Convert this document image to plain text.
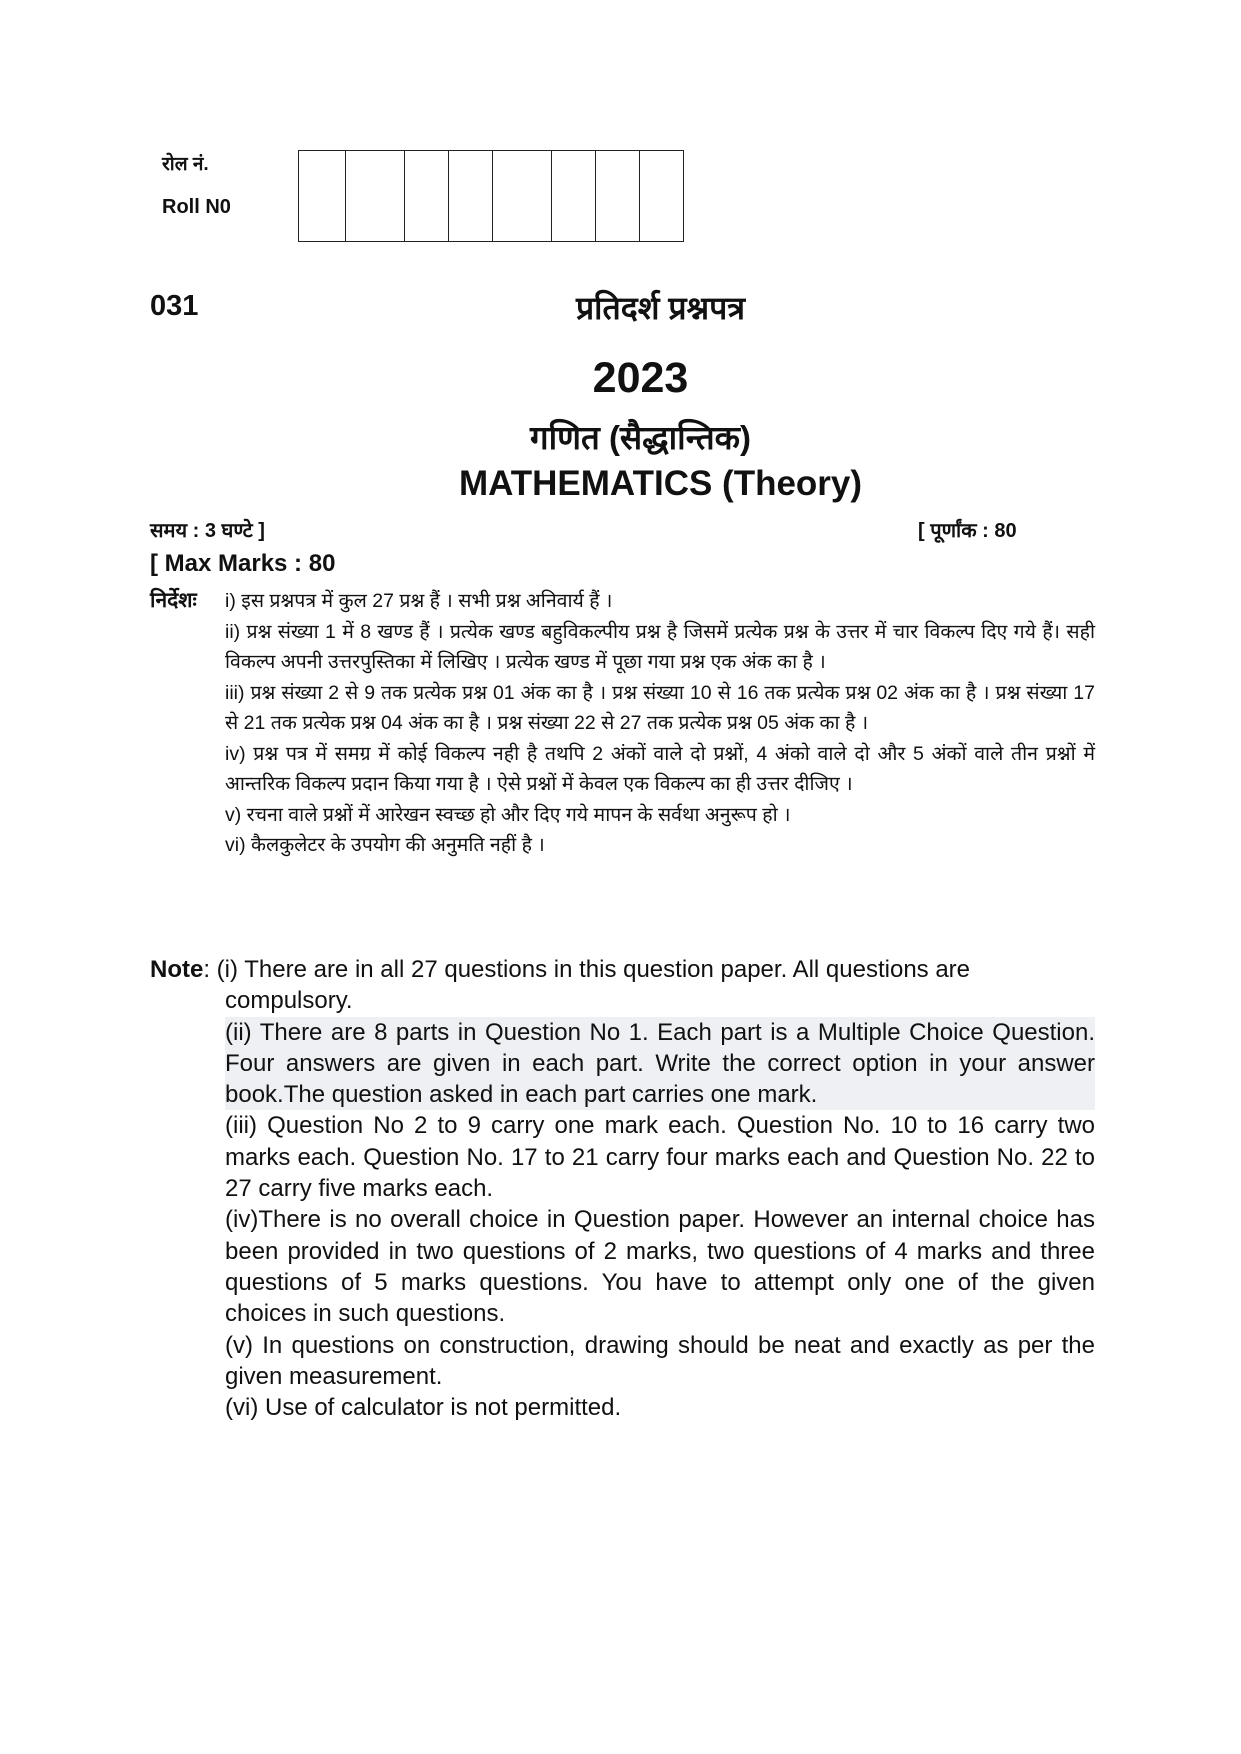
रोल नं.
Roll N0
031	प्रतिदर्श प्रश्नपत्र
2023
गणित (सैद्धान्तिक)
MATHEMATICS (Theory)
समय : 3 घण्टे ]	[ पूर्णांक : 80
[ Max Marks : 80
निर्देशः i) इस प्रश्नपत्र में कुल 27 प्रश्न हैं । सभी प्रश्न अनिवार्य हैं ।
ii) प्रश्न संख्या 1 में 8 खण्ड हैं । प्रत्येक खण्ड बहुविकल्पीय प्रश्न है जिसमें प्रत्येक प्रश्न के उत्तर में चार विकल्प दिए गये हैं। सही विकल्प अपनी उत्तरपुस्तिका में लिखिए । प्रत्येक खण्ड में पूछा गया प्रश्न एक अंक का है ।
iii) प्रश्न संख्या 2 से 9 तक प्रत्येक प्रश्न 01 अंक का है । प्रश्न संख्या 10 से 16 तक प्रत्येक प्रश्न 02 अंक का है । प्रश्न संख्या 17 से 21 तक प्रत्येक प्रश्न 04 अंक का है । प्रश्न संख्या 22 से 27 तक प्रत्येक प्रश्न 05 अंक का है ।
iv) प्रश्न पत्र में समग्र में कोई विकल्प नही है तथपि 2 अंकों वाले दो प्रश्नों, 4 अंको वाले दो और 5 अंकों वाले तीन प्रश्नों में आन्तरिक विकल्प प्रदान किया गया है । ऐसे प्रश्नों में केवल एक विकल्प का ही उत्तर दीजिए ।
v) रचना वाले प्रश्नों में आरेखन स्वच्छ हो और दिए गये मापन के सर्वथा अनुरूप हो ।
vi) कैलकुलेटर के उपयोग की अनुमति नहीं है ।
Note: (i) There are in all 27 questions in this question paper. All questions are
compulsory.
(ii) There are 8 parts in Question No 1. Each part is a Multiple Choice Question. Four answers are given in each part. Write the correct option in your answer book.The question asked in each part carries one mark.
(iii) Question No 2 to 9 carry one mark each. Question No. 10 to 16 carry two marks each. Question No. 17 to 21 carry four marks each and Question No. 22 to 27 carry five marks each.
(iv)There is no overall choice in Question paper. However an internal choice has been provided in two questions of 2 marks, two questions of 4 marks and three questions of 5 marks questions. You have to attempt only one of the given choices in such questions.
(v) In questions on construction, drawing should be neat and exactly as per the given measurement.
(vi) Use of calculator is not permitted.
